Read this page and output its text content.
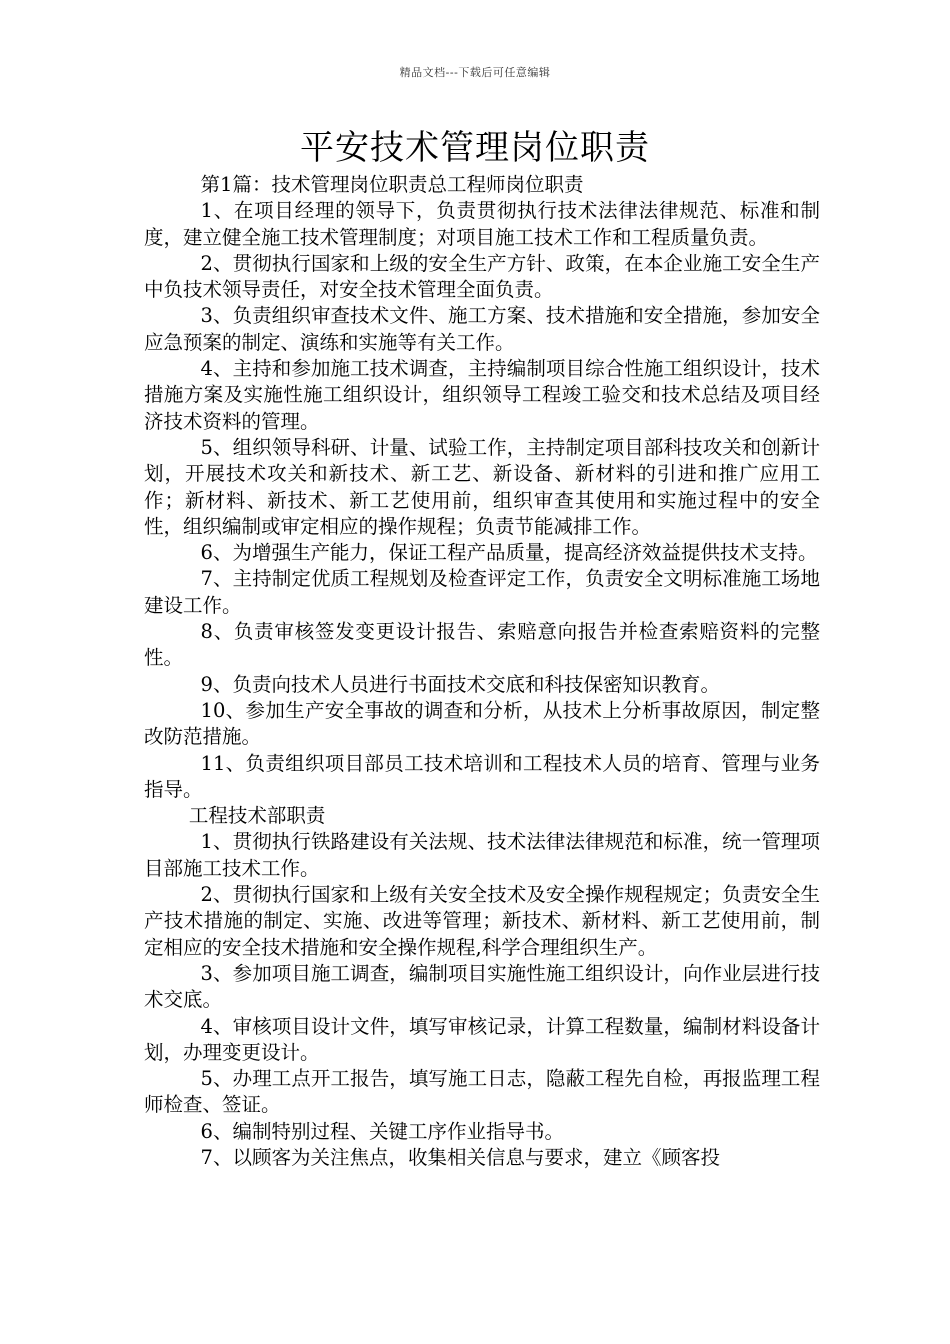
精品文档---下载后可任意编辑
平安技术管理岗位职责

第1篇：技术管理岗位职责总工程师岗位职责

1、在项目经理的领导下，负责贯彻执行技术法律法律规范、标准和制度，建立健全施工技术管理制度；对项目施工技术工作和工程质量负责。

2、贯彻执行国家和上级的安全生产方针、政策，在本企业施工安全生产中负技术领导责任，对安全技术管理全面负责。

3、负责组织审查技术文件、施工方案、技术措施和安全措施，参加安全应急预案的制定、演练和实施等有关工作。

4、主持和参加施工技术调查，主持编制项目综合性施工组织设计，技术措施方案及实施性施工组织设计，组织领导工程竣工验交和技术总结及项目经济技术资料的管理。

5、组织领导科研、计量、试验工作，主持制定项目部科技攻关和创新计划，开展技术攻关和新技术、新工艺、新设备、新材料的引进和推广应用工作；新材料、新技术、新工艺使用前，组织审查其使用和实施过程中的安全性，组织编制或审定相应的操作规程；负责节能减排工作。

6、为增强生产能力，保证工程产品质量，提高经济效益提供技术支持。

7、主持制定优质工程规划及检查评定工作，负责安全文明标准施工场地建设工作。

8、负责审核签发变更设计报告、索赔意向报告并检查索赔资料的完整性。

9、负责向技术人员进行书面技术交底和科技保密知识教育。

10、参加生产安全事故的调查和分析，从技术上分析事故原因，制定整改防范措施。

11、负责组织项目部员工技术培训和工程技术人员的培育、管理与业务指导。

工程技术部职责

1、贯彻执行铁路建设有关法规、技术法律法律规范和标准，统一管理项目部施工技术工作。

2、贯彻执行国家和上级有关安全技术及安全操作规程规定；负责安全生产技术措施的制定、实施、改进等管理；新技术、新材料、新工艺使用前，制定相应的安全技术措施和安全操作规程,科学合理组织生产。

3、参加项目施工调查，编制项目实施性施工组织设计，向作业层进行技术交底。

4、审核项目设计文件，填写审核记录，计算工程数量，编制材料设备计划，办理变更设计。

5、办理工点开工报告，填写施工日志，隐蔽工程先自检，再报监理工程师检查、签证。

6、编制特别过程、关键工序作业指导书。

7、以顾客为关注焦点，收集相关信息与要求，建立《顾客投
